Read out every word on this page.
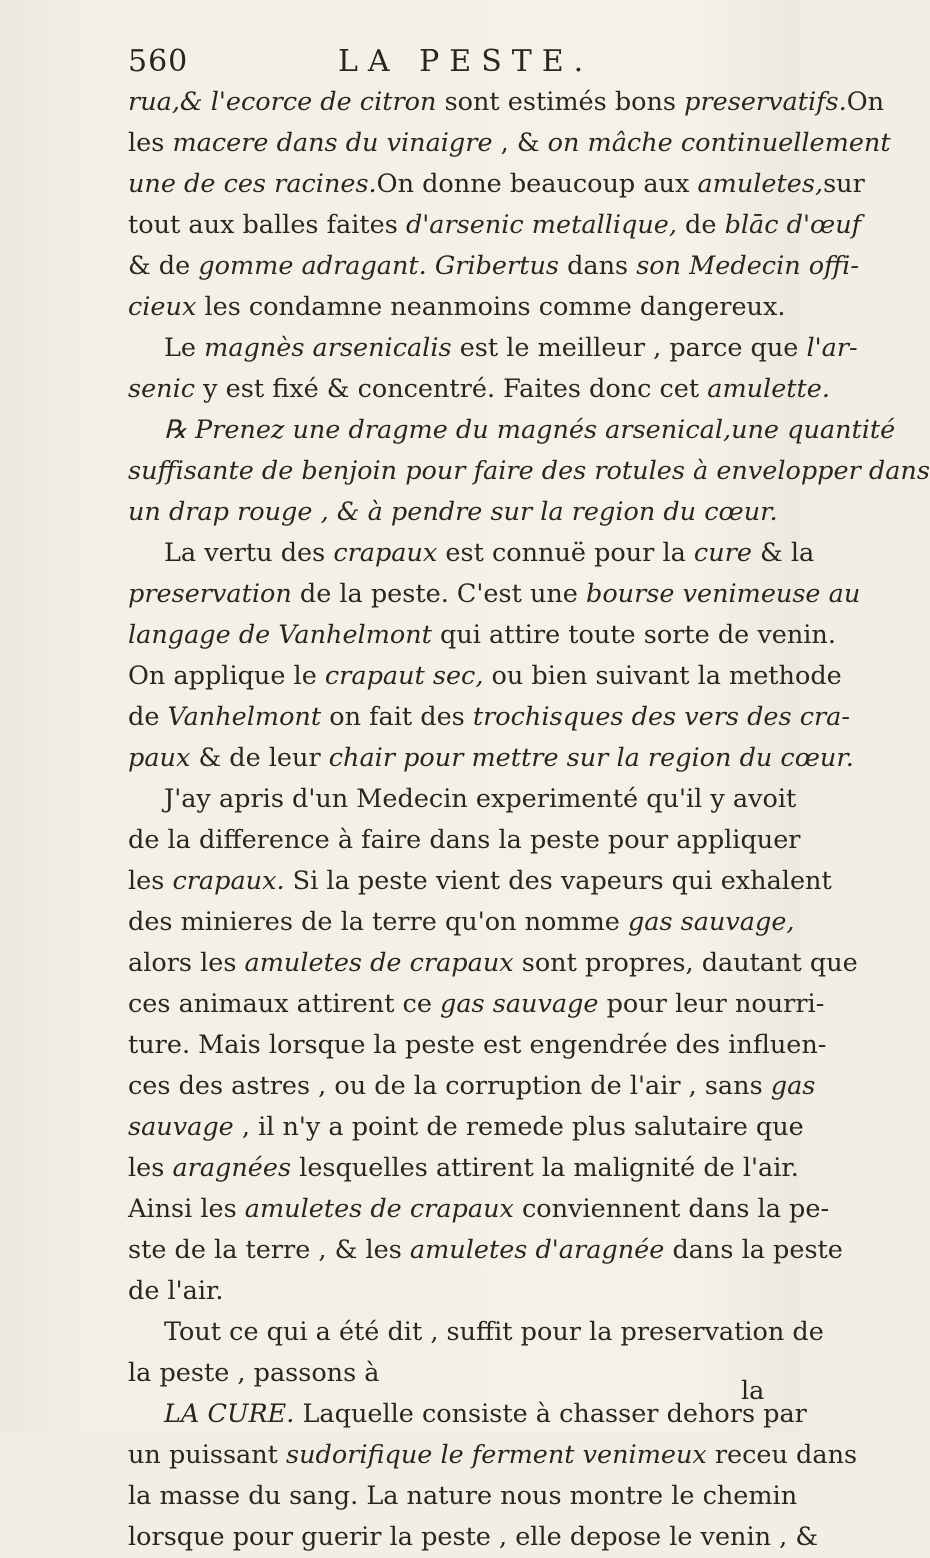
560	LA PESTE.
rua,& l'ecorce de citron sont estimés bons preservatifs.On
les macere dans du vinaigre , & on mâche continuellement
une de ces racines.On donne beaucoup aux amuletes,sur
tout aux balles faites d'arsenic metallique, de blāc d'œuf
& de gomme adragant. Gribertus dans son Medecin offi-
cieux les condamne neanmoins comme dangereux.
Le magnès arsenicalis est le meilleur , parce que l'ar-
senic y est fixé & concentré. Faites donc cet amulette.
℞ Prenez une dragme du magnés arsenical,une quantité
suffisante de benjoin pour faire des rotules à envelopper dans
un drap rouge , & à pendre sur la region du cœur.
La vertu des crapaux est connuë pour la cure & la
preservation de la peste. C'est une bourse venimeuse au
langage de Vanhelmont qui attire toute sorte de venin.
On applique le crapaut sec, ou bien suivant la methode
de Vanhelmont on fait des trochisques des vers des cra-
paux & de leur chair pour mettre sur la region du cœur.
J'ay apris d'un Medecin experimenté qu'il y avoit
de la difference à faire dans la peste pour appliquer
les crapaux. Si la peste vient des vapeurs qui exhalent
des minieres de la terre qu'on nomme gas sauvage,
alors les amuletes de crapaux sont propres, dautant que
ces animaux attirent ce gas sauvage pour leur nourri-
ture. Mais lorsque la peste est engendrée des influen-
ces des astres , ou de la corruption de l'air , sans gas
sauvage , il n'y a point de remede plus salutaire que
les aragnées lesquelles attirent la malignité de l'air.
Ainsi les amuletes de crapaux conviennent dans la pe-
ste de la terre , & les amuletes d'aragnée dans la peste
de l'air.
Tout ce qui a été dit , suffit pour la preservation de
la peste , passons à
LA CURE. Laquelle consiste à chasser dehors par
un puissant sudorifique le ferment venimeux receu dans
la masse du sang. La nature nous montre le chemin
lorsque pour guerir la peste , elle depose le venin , &
la
